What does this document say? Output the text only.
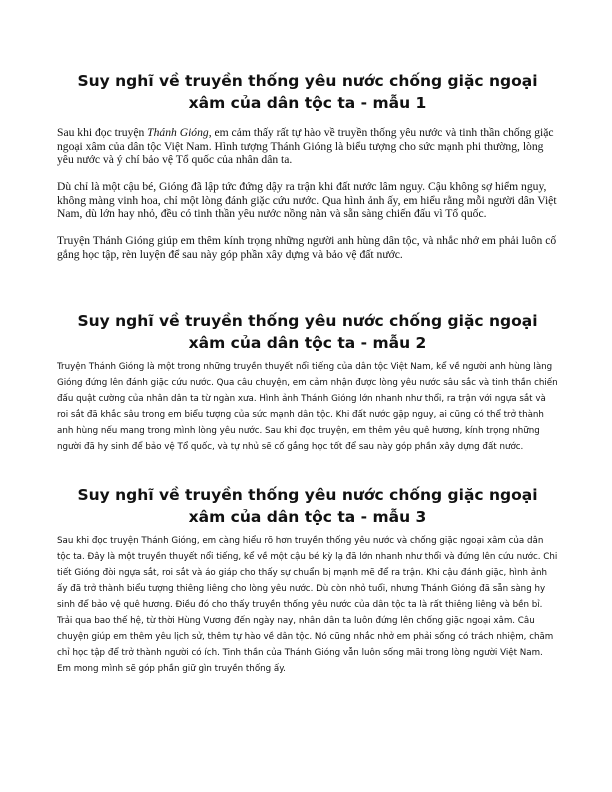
Suy nghĩ về truyền thống yêu nước chống giặc ngoại xâm của dân tộc ta - mẫu 1

Sau khi đọc truyện Thánh Gióng, em cảm thấy rất tự hào về truyền thống yêu nước và tinh thần chống giặc ngoại xâm của dân tộc Việt Nam. Hình tượng Thánh Gióng là biểu tượng cho sức mạnh phi thường, lòng yêu nước và ý chí bảo vệ Tổ quốc của nhân dân ta.

Dù chỉ là một cậu bé, Gióng đã lập tức đứng dậy ra trận khi đất nước lâm nguy. Cậu không sợ hiểm nguy, không màng vinh hoa, chỉ một lòng đánh giặc cứu nước. Qua hình ảnh ấy, em hiểu rằng mỗi người dân Việt Nam, dù lớn hay nhỏ, đều có tinh thần yêu nước nồng nàn và sẵn sàng chiến đấu vì Tổ quốc.

Truyện Thánh Gióng giúp em thêm kính trọng những người anh hùng dân tộc, và nhắc nhở em phải luôn cố gắng học tập, rèn luyện để sau này góp phần xây dựng và bảo vệ đất nước.

Suy nghĩ về truyền thống yêu nước chống giặc ngoại xâm của dân tộc ta - mẫu 2

Truyện Thánh Gióng là một trong những truyền thuyết nổi tiếng của dân tộc Việt Nam, kể về người anh hùng làng Gióng đứng lên đánh giặc cứu nước. Qua câu chuyện, em cảm nhận được lòng yêu nước sâu sắc và tinh thần chiến đấu quật cường của nhân dân ta từ ngàn xưa. Hình ảnh Thánh Gióng lớn nhanh như thổi, ra trận với ngựa sắt và roi sắt đã khắc sâu trong em biểu tượng của sức mạnh dân tộc. Khi đất nước gặp nguy, ai cũng có thể trở thành anh hùng nếu mang trong mình lòng yêu nước. Sau khi đọc truyện, em thêm yêu quê hương, kính trọng những người đã hy sinh để bảo vệ Tổ quốc, và tự nhủ sẽ cố gắng học tốt để sau này góp phần xây dựng đất nước.

Suy nghĩ về truyền thống yêu nước chống giặc ngoại xâm của dân tộc ta - mẫu 3

Sau khi đọc truyện Thánh Gióng, em càng hiểu rõ hơn truyền thống yêu nước và chống giặc ngoại xâm của dân tộc ta. Đây là một truyền thuyết nổi tiếng, kể về một cậu bé kỳ lạ đã lớn nhanh như thổi và đứng lên cứu nước. Chi tiết Gióng đòi ngựa sắt, roi sắt và áo giáp cho thấy sự chuẩn bị mạnh mẽ để ra trận. Khi cậu đánh giặc, hình ảnh ấy đã trở thành biểu tượng thiêng liêng cho lòng yêu nước. Dù còn nhỏ tuổi, nhưng Thánh Gióng đã sẵn sàng hy sinh để bảo vệ quê hương. Điều đó cho thấy truyền thống yêu nước của dân tộc ta là rất thiêng liêng và bền bỉ. Trải qua bao thế hệ, từ thời Hùng Vương đến ngày nay, nhân dân ta luôn đứng lên chống giặc ngoại xâm. Câu chuyện giúp em thêm yêu lịch sử, thêm tự hào về dân tộc. Nó cũng nhắc nhở em phải sống có trách nhiệm, chăm chỉ học tập để trở thành người có ích. Tinh thần của Thánh Gióng vẫn luôn sống mãi trong lòng người Việt Nam. Em mong mình sẽ góp phần giữ gìn truyền thống ấy.
